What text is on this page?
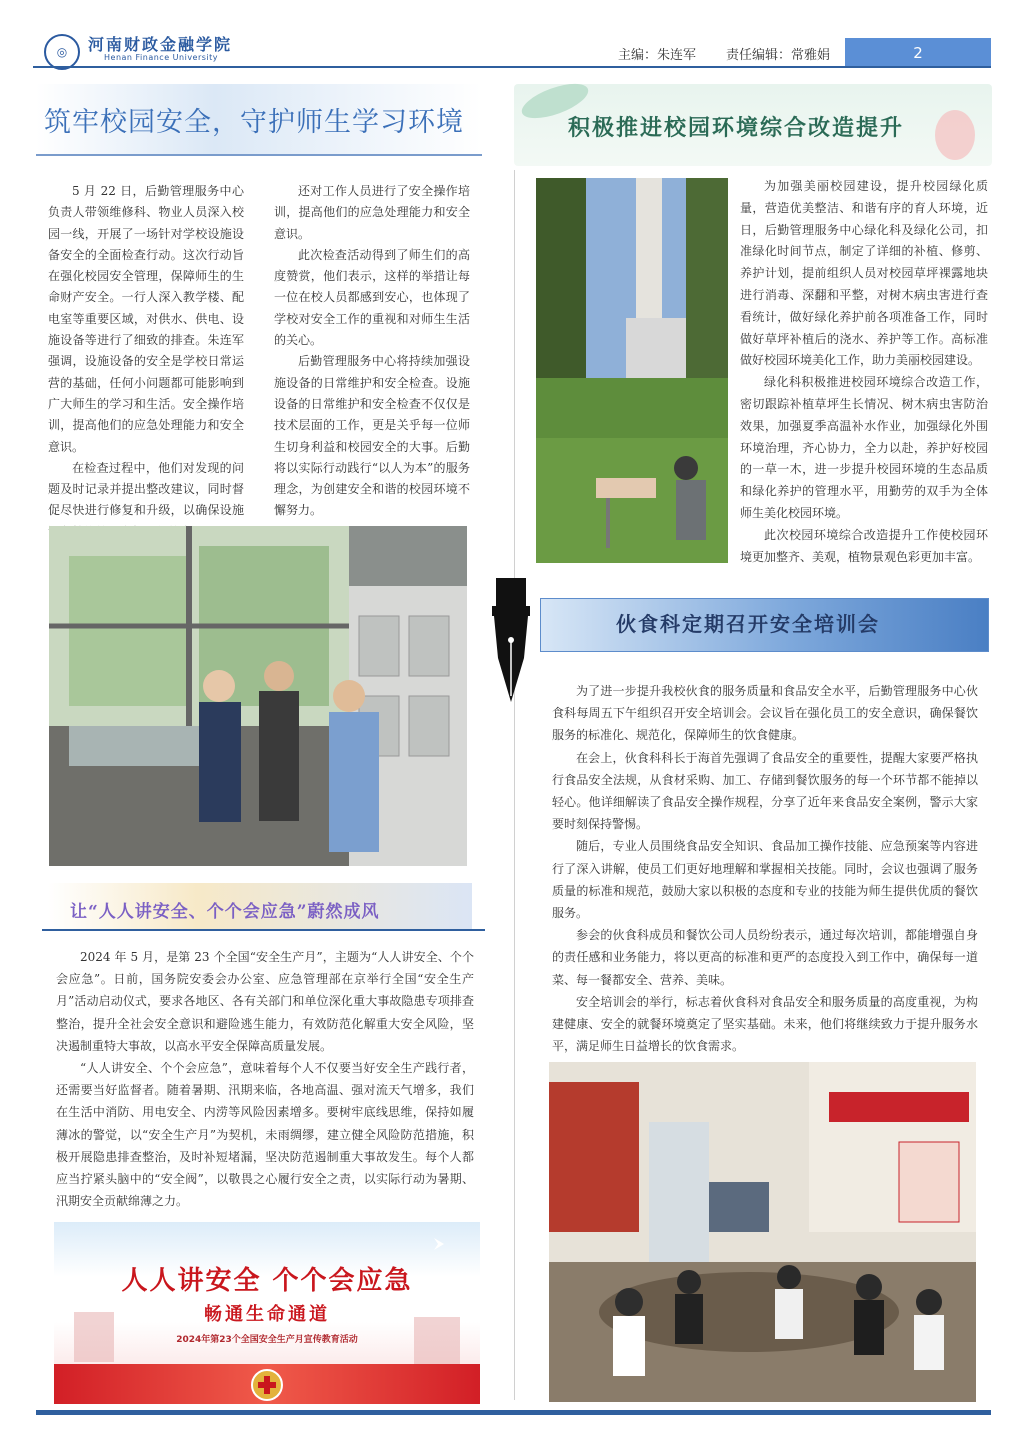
◎	河南财政金融学院
Henan Finance University	主编：朱连军 责任编辑：常雅娟	2
筑牢校园安全，守护师生学习环境

5 月 22 日，后勤管理服务中心负责人带领维修科、物业人员深入校园一线，开展了一场针对学校设施设备安全的全面检查行动。这次行动旨在强化校园安全管理，保障师生的生命财产安全。一行人深入教学楼、配电室等重要区域，对供水、供电、设施设备等进行了细致的排查。朱连军强调，设施设备的安全是学校日常运营的基础，任何小问题都可能影响到广大师生的学习和生活。安全操作培训，提高他们的应急处理能力和安全意识。

在检查过程中，他们对发现的问题及时记录并提出整改建议，同时督促尽快进行修复和升级，以确保设施

还对工作人员进行了安全操作培训，提高他们的应急处理能力和安全意识。

此次检查活动得到了师生们的高度赞赏，他们表示，这样的举措让每一位在校人员都感到安心，也体现了学校对安全工作的重视和对师生生活的关心。

后勤管理服务中心将持续加强设施设备的日常维护和安全检查。设施设备的日常维护和安全检查不仅仅是技术层面的工作，更是关乎每一位师生切身利益和校园安全的大事。后勤将以实际行动践行“以人为本”的服务理念，为创建安全和谐的校园环境不懈努力。

积极推进校园环境综合改造提升

为加强美丽校园建设，提升校园绿化质量，营造优美整洁、和谐有序的育人环境，近日，后勤管理服务中心绿化科及绿化公司，扣准绿化时间节点，制定了详细的补植、修剪、养护计划，提前组织人员对校园草坪裸露地块进行消毒、深翻和平整，对树木病虫害进行查看统计，做好绿化养护前各项准备工作，同时做好草坪补植后的浇水、养护等工作。高标准做好校园环境美化工作，助力美丽校园建设。

绿化科积极推进校园环境综合改造工作，密切跟踪补植草坪生长情况、树木病虫害防治效果，加强夏季高温补水作业，加强绿化外围环境治理，齐心协力，全力以赴，养护好校园的一草一木，进一步提升校园环境的生态品质和绿化养护的管理水平，用勤劳的双手为全体师生美化校园环境。

此次校园环境综合改造提升工作使校园环境更加整齐、美观，植物景观色彩更加丰富。

伙食科定期召开安全培训会

为了进一步提升我校伙食的服务质量和食品安全水平，后勤管理服务中心伙食科每周五下午组织召开安全培训会。会议旨在强化员工的安全意识，确保餐饮服务的标准化、规范化，保障师生的饮食健康。

在会上，伙食科科长于海首先强调了食品安全的重要性，提醒大家要严格执行食品安全法规，从食材采购、加工、存储到餐饮服务的每一个环节都不能掉以轻心。他详细解读了食品安全操作规程，分享了近年来食品安全案例，警示大家要时刻保持警惕。

随后，专业人员围绕食品安全知识、食品加工操作技能、应急预案等内容进行了深入讲解，使员工们更好地理解和掌握相关技能。同时，会议也强调了服务质量的标准和规范，鼓励大家以积极的态度和专业的技能为师生提供优质的餐饮服务。

参会的伙食科成员和餐饮公司人员纷纷表示，通过每次培训，都能增强自身的责任感和业务能力，将以更高的标准和更严的态度投入到工作中，确保每一道菜、每一餐都安全、营养、美味。

安全培训会的举行，标志着伙食科对食品安全和服务质量的高度重视，为构建健康、安全的就餐环境奠定了坚实基础。未来，他们将继续致力于提升服务水平，满足师生日益增长的饮食需求。

让“人人讲安全、个个会应急”蔚然成风

2024 年 5 月，是第 23 个全国“安全生产月”，主题为“人人讲安全、个个会应急”。日前，国务院安委会办公室、应急管理部在京举行全国“安全生产月”活动启动仪式，要求各地区、各有关部门和单位深化重大事故隐患专项排查整治，提升全社会安全意识和避险逃生能力，有效防范化解重大安全风险，坚决遏制重特大事故，以高水平安全保障高质量发展。

“人人讲安全、个个会应急”，意味着每个人不仅要当好安全生产践行者，还需要当好监督者。随着暑期、汛期来临，各地高温、强对流天气增多，我们在生活中消防、用电安全、内涝等风险因素增多。要树牢底线思维，保持如履薄冰的警觉，以“安全生产月”为契机，未雨绸缪，建立健全风险防范措施，积极开展隐患排查整治，及时补短堵漏，坚决防范遏制重大事故发生。每个人都应当拧紧头脑中的“安全阀”，以敬畏之心履行安全之责，以实际行动为暑期、汛期安全贡献绵薄之力。

人人讲安全 个个会应急
畅通生命通道
2024年第23个全国安全生产月宣传教育活动
